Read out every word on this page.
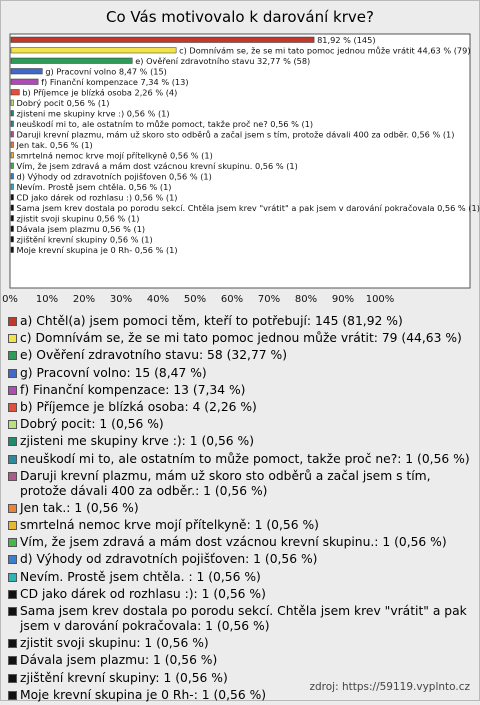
Co Vás motivovalo k darování krve?
81,92 % (145)
c) Domnívám se, že se mi tato pomoc jednou může vrátit 44,63 % (79)
e) Ověření zdravotního stavu 32,77 % (58)
g) Pracovní volno 8,47 % (15)
f) Finanční kompenzace 7,34 % (13)
b) Příjemce je blízká osoba 2,26 % (4)
Dobrý pocit 0,56 % (1)
zjisteni me skupiny krve :) 0,56 % (1)
neuškodí mi to, ale ostatním to může pomoct, takže proč ne? 0,56 % (1)
Daruji krevní plazmu, mám už skoro sto odběrů a začal jsem s tím, protože dávali 400 za odběr. 0,56 % (1)
Jen tak. 0,56 % (1)
smrtelná nemoc krve mojí přítelkyně 0,56 % (1)
Vím, že jsem zdravá a mám dost vzácnou krevní skupinu. 0,56 % (1)
d) Výhody od zdravotních pojišťoven 0,56 % (1)
Nevím. Prostě jsem chtěla. 0,56 % (1)
CD jako dárek od rozhlasu :) 0,56 % (1)
Sama jsem krev dostala po porodu sekcí. Chtěla jsem krev "vrátit" a pak jsem v darování pokračovala 0,56 % (1)
zjistit svoji skupinu 0,56 % (1)
Dávala jsem plazmu 0,56 % (1)
zjištění krevní skupiny 0,56 % (1)
Moje krevní skupina je 0 Rh- 0,56 % (1)
0% 10% 20% 30% 40% 50% 60% 70% 80% 90% 100%
a) Chtěl(a) jsem pomoci těm, kteří to potřebují: 145 (81,92 %)
c) Domnívám se, že se mi tato pomoc jednou může vrátit: 79 (44,63 %)
e) Ověření zdravotního stavu: 58 (32,77 %)
g) Pracovní volno: 15 (8,47 %)
f) Finanční kompenzace: 13 (7,34 %)
b) Příjemce je blízká osoba: 4 (2,26 %)
Dobrý pocit: 1 (0,56 %)
zjisteni me skupiny krve :): 1 (0,56 %)
neuškodí mi to, ale ostatním to může pomoct, takže proč ne?: 1 (0,56 %)
Daruji krevní plazmu, mám už skoro sto odběrů a začal jsem s tím, protože dávali 400 za odběr.: 1 (0,56 %)
Jen tak.: 1 (0,56 %)
smrtelná nemoc krve mojí přítelkyně: 1 (0,56 %)
Vím, že jsem zdravá a mám dost vzácnou krevní skupinu.: 1 (0,56 %)
d) Výhody od zdravotních pojišťoven: 1 (0,56 %)
Nevím. Prostě jsem chtěla. : 1 (0,56 %)
CD jako dárek od rozhlasu :): 1 (0,56 %)
Sama jsem krev dostala po porodu sekcí. Chtěla jsem krev "vrátit" a pak jsem v darování pokračovala: 1 (0,56 %)
zjistit svoji skupinu: 1 (0,56 %)
Dávala jsem plazmu: 1 (0,56 %)
zjištění krevní skupiny: 1 (0,56 %)
Moje krevní skupina je 0 Rh-: 1 (0,56 %)
zdroj: https://59119.vyplnto.cz
